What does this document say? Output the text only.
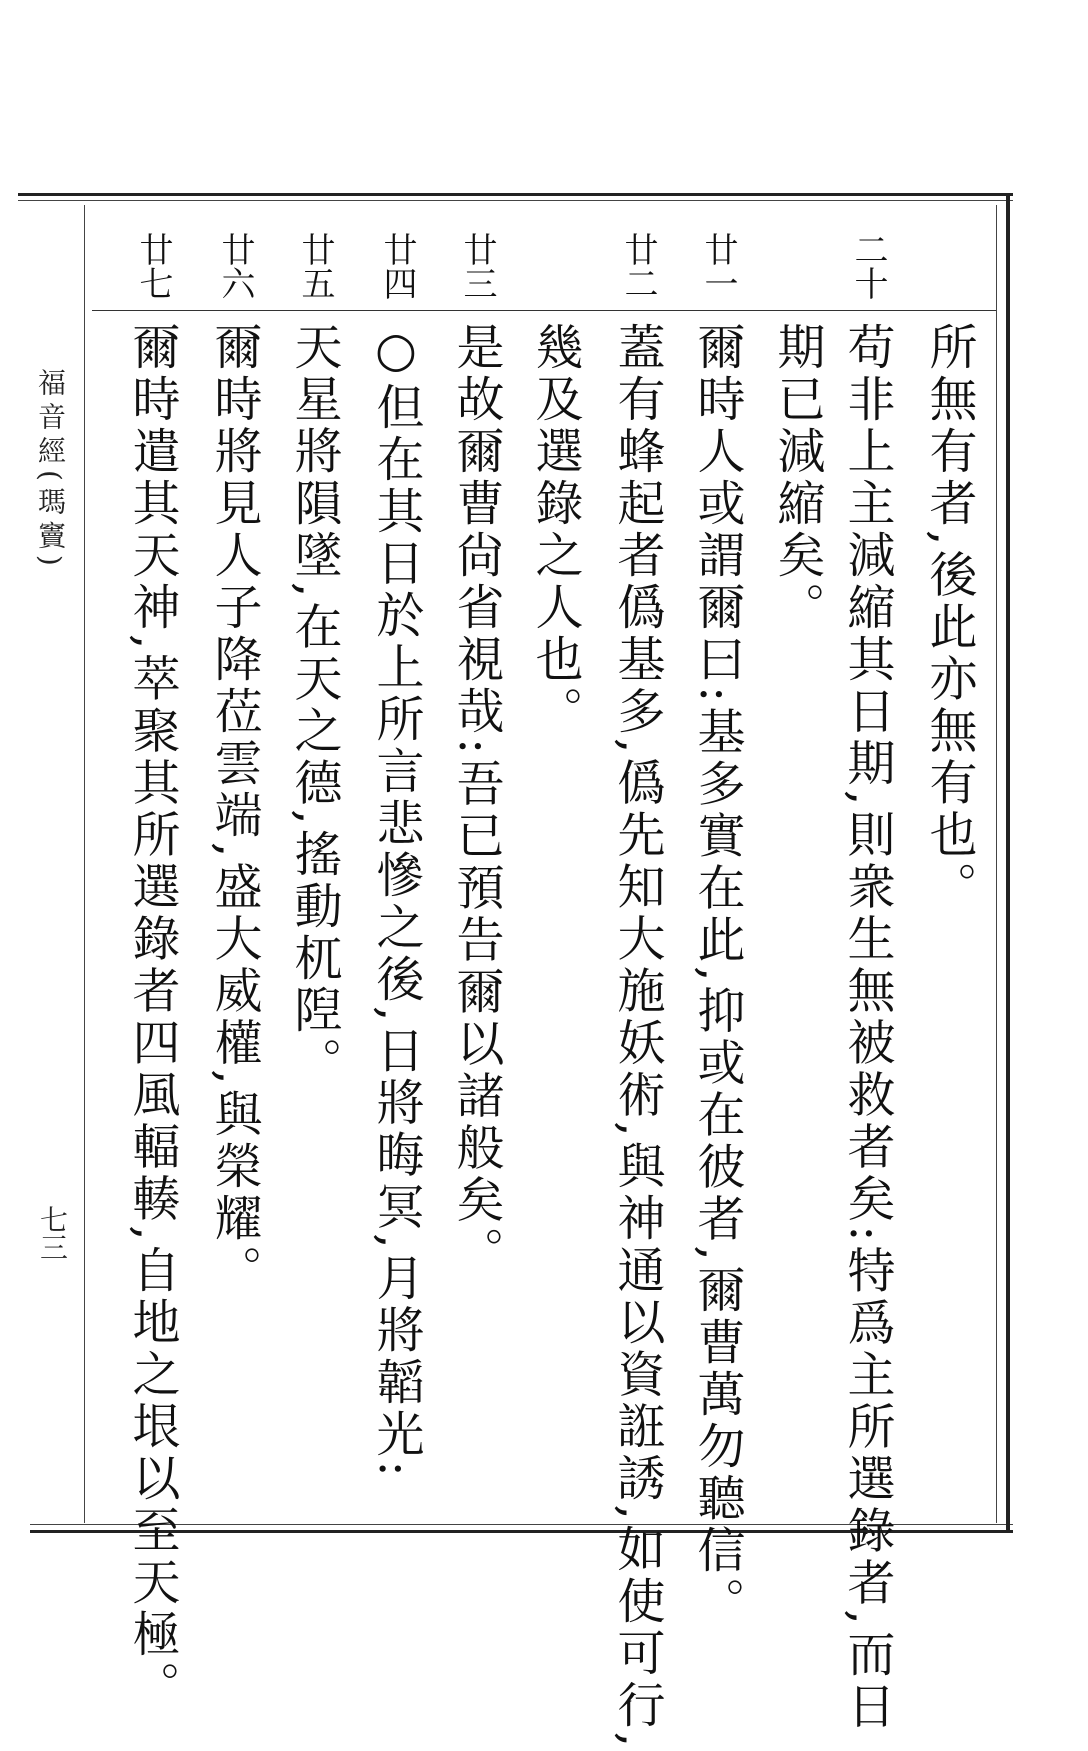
福音經(瑪竇)
七三
所無有者,後此亦無有也。
二十
苟非上主減縮其日期,則衆生無被救者矣:特爲主所選錄者,而日
期已減縮矣。
廿一
爾時人或謂爾曰:基多實在此,抑或在彼者,爾曹萬勿聽信。
廿二
蓋有蜂起者僞基多,僞先知大施妖術,與神通以資誑誘,如使可行,
幾及選錄之人也。
廿三
是故爾曹尙省視哉:吾已預告爾以諸般矣。
廿四
○但在其日於上所言悲慘之後,日將晦冥,月將韜光:
廿五
天星將隕墜,在天之德,搖動杌隉。
廿六
爾時將見人子降莅雲端,盛大威權,與榮耀。
廿七
爾時遣其天神,萃聚其所選錄者四風輻輳,自地之垠以至天極。
